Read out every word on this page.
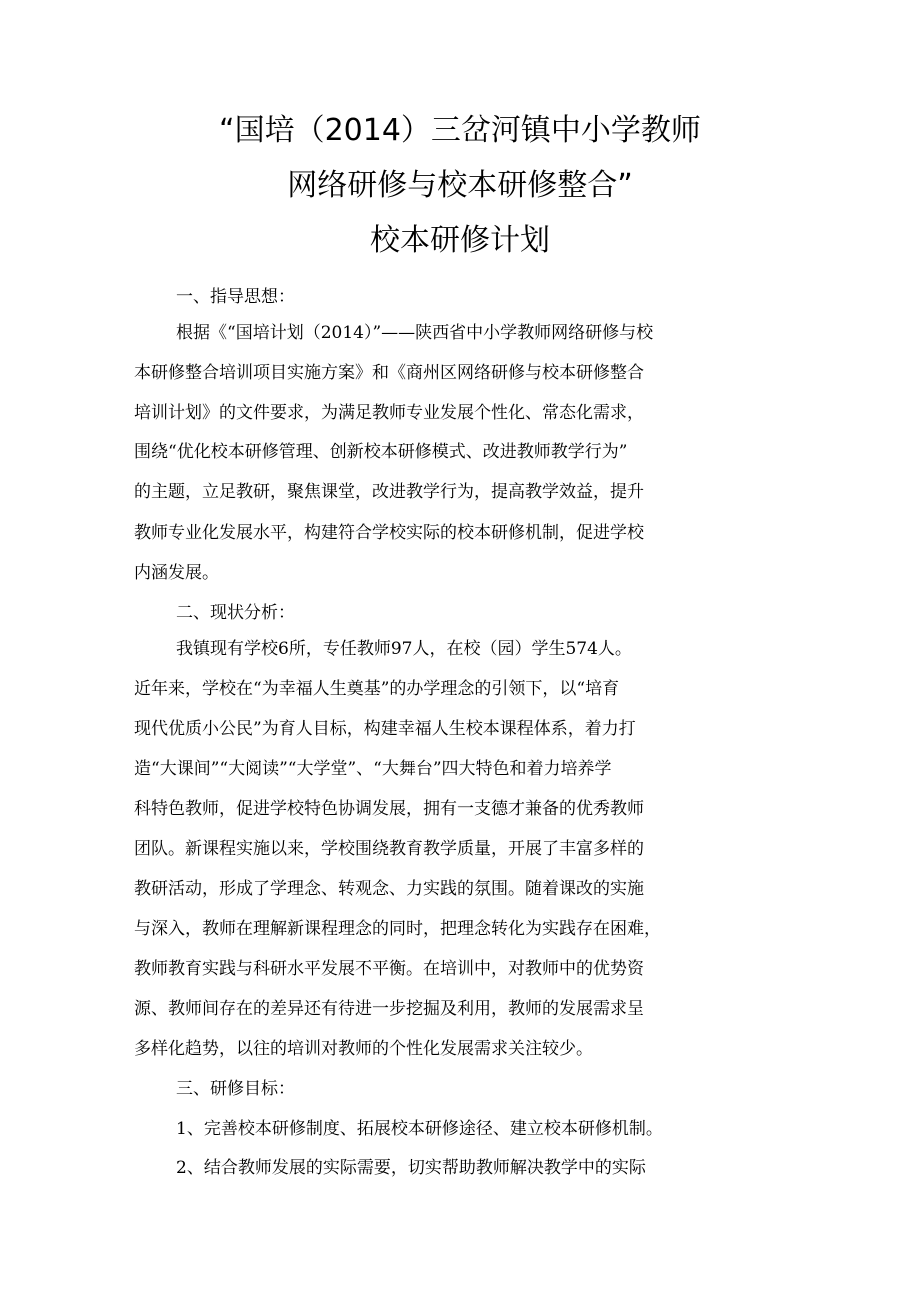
“国培（2014）三岔河镇中小学教师
网络研修与校本研修整合”
校本研修计划
一、指导思想：
根据《“国培计划（2014）”——陕西省中小学教师网络研修与校
本研修整合培训项目实施方案》和《商州区网络研修与校本研修整合
培训计划》的文件要求，为满足教师专业发展个性化、常态化需求，
围绕“优化校本研修管理、创新校本研修模式、改进教师教学行为”
的主题，立足教研，聚焦课堂，改进教学行为，提高教学效益，提升
教师专业化发展水平，构建符合学校实际的校本研修机制，促进学校
内涵发展。
二、现状分析：
我镇现有学校6所，专任教师97人，在校（园）学生574人。
近年来，学校在“为幸福人生奠基”的办学理念的引领下，以“培育
现代优质小公民”为育人目标，构建幸福人生校本课程体系，着力打
造“大课间”“大阅读”“大学堂”、“大舞台”四大特色和着力培养学
科特色教师，促进学校特色协调发展，拥有一支德才兼备的优秀教师
团队。新课程实施以来，学校围绕教育教学质量，开展了丰富多样的
教研活动，形成了学理念、转观念、力实践的氛围。随着课改的实施
与深入，教师在理解新课程理念的同时，把理念转化为实践存在困难，
教师教育实践与科研水平发展不平衡。在培训中，对教师中的优势资
源、教师间存在的差异还有待进一步挖掘及利用，教师的发展需求呈
多样化趋势，以往的培训对教师的个性化发展需求关注较少。
三、研修目标：
1、完善校本研修制度、拓展校本研修途径、建立校本研修机制。
2、结合教师发展的实际需要，切实帮助教师解决教学中的实际
